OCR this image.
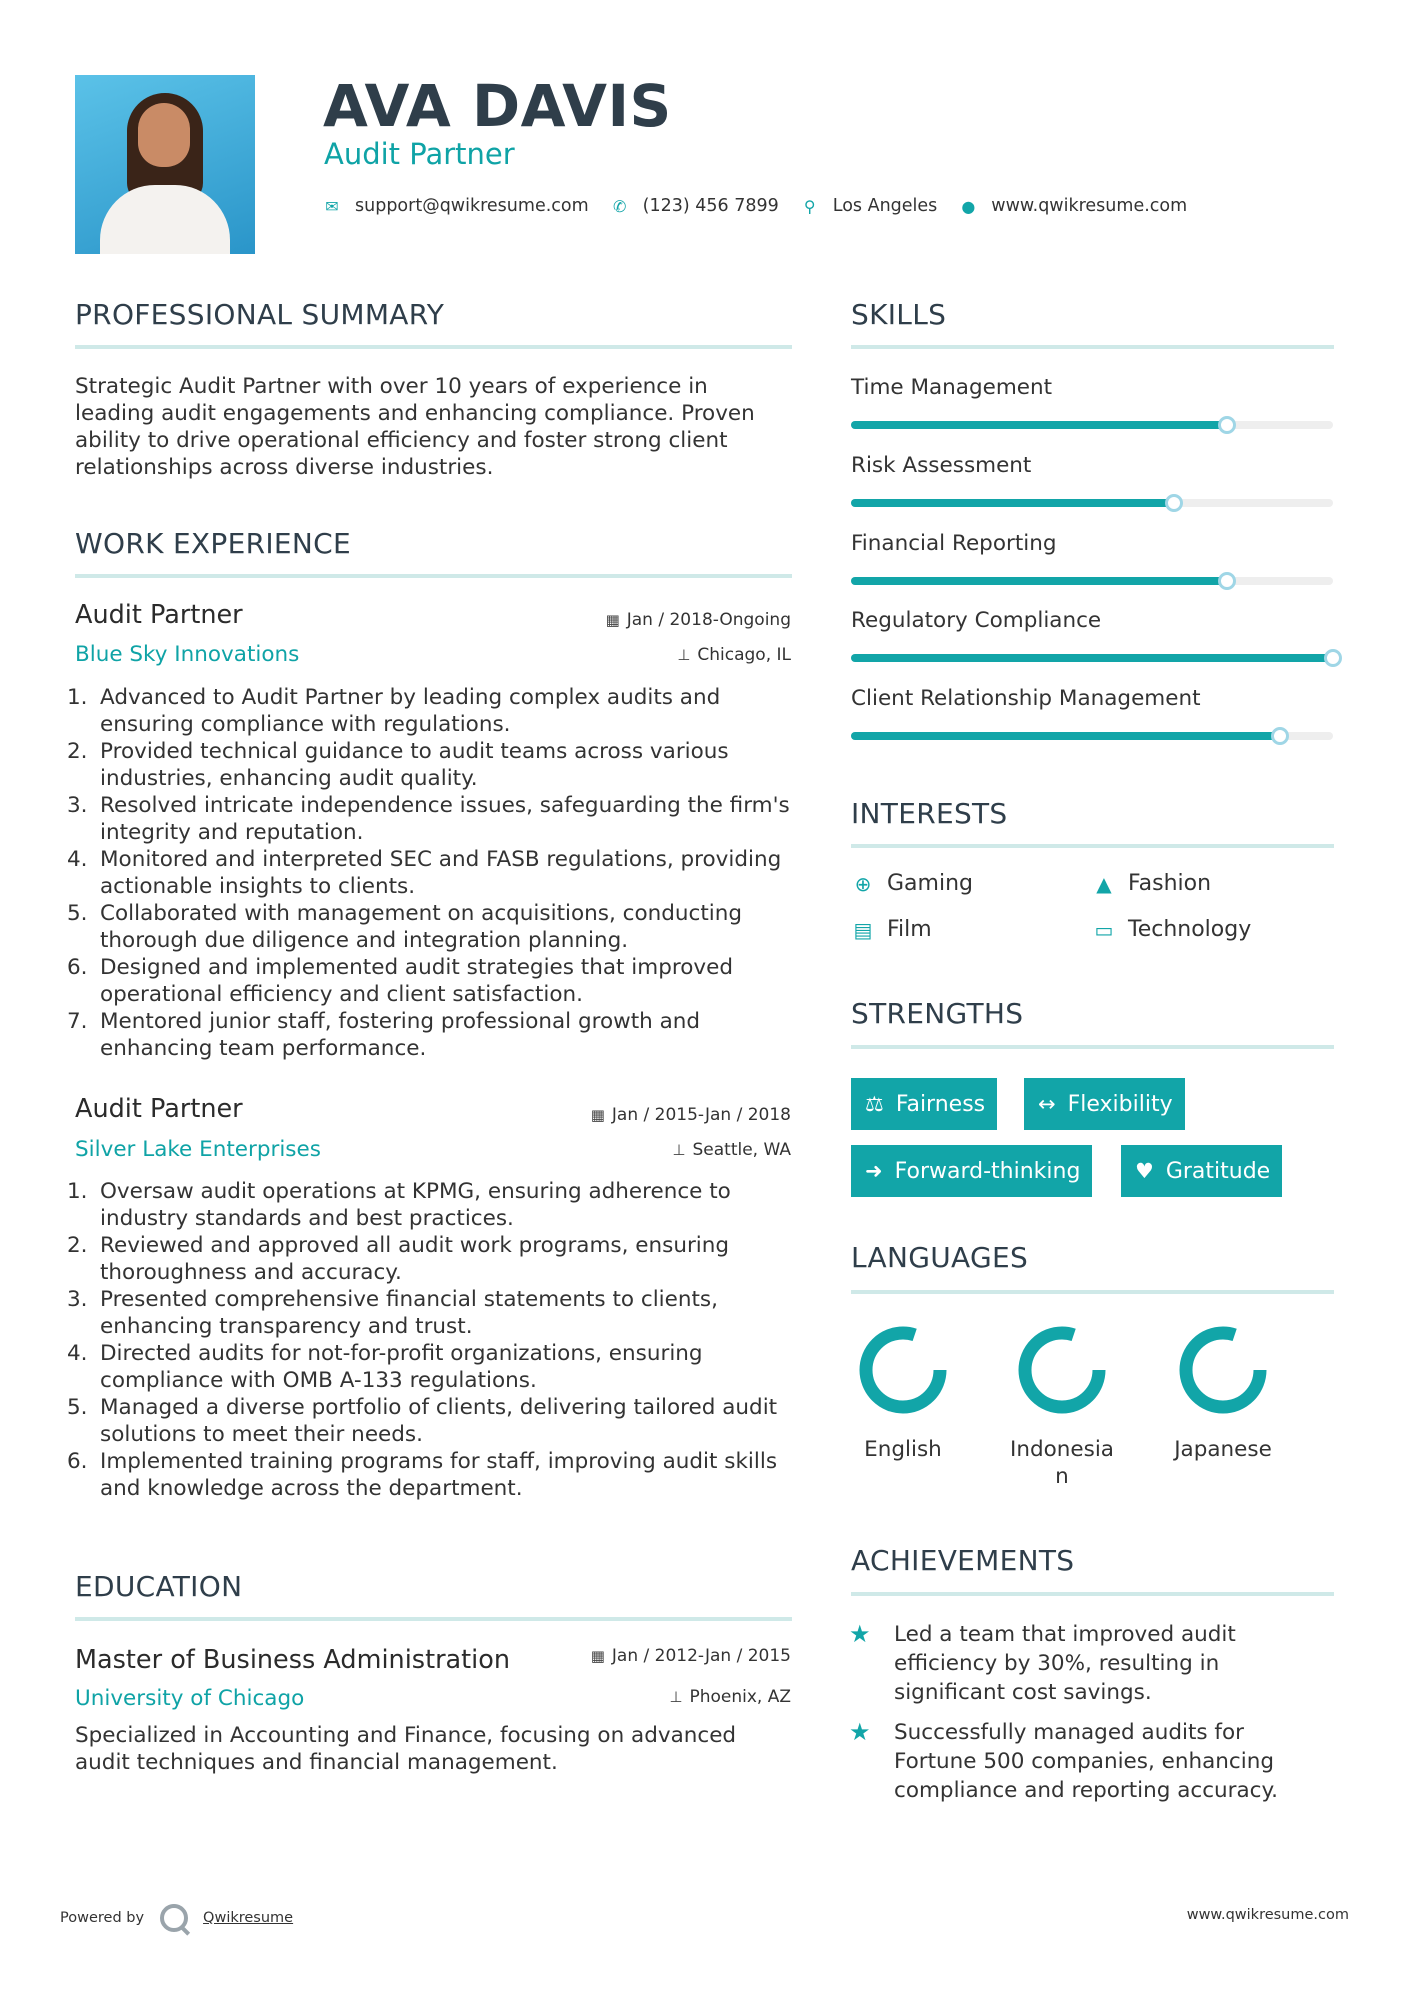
AVA DAVIS
Audit Partner
✉ support@qwikresume.com ✆ (123) 456 7899 ⚲ Los Angeles ● www.qwikresume.com
PROFESSIONAL SUMMARY
Strategic Audit Partner with over 10 years of experience in leading audit engagements and enhancing compliance. Proven ability to drive operational efficiency and foster strong client relationships across diverse industries.
WORK EXPERIENCE
Audit Partner	▦ Jan / 2018-Ongoing
Blue Sky Innovations	⊥ Chicago, IL
1. Advanced to Audit Partner by leading complex audits and ensuring compliance with regulations.
2. Provided technical guidance to audit teams across various industries, enhancing audit quality.
3. Resolved intricate independence issues, safeguarding the firm's integrity and reputation.
4. Monitored and interpreted SEC and FASB regulations, providing actionable insights to clients.
5. Collaborated with management on acquisitions, conducting thorough due diligence and integration planning.
6. Designed and implemented audit strategies that improved operational efficiency and client satisfaction.
7. Mentored junior staff, fostering professional growth and enhancing team performance.
Audit Partner	▦ Jan / 2015-Jan / 2018
Silver Lake Enterprises	⊥ Seattle, WA
1. Oversaw audit operations at KPMG, ensuring adherence to industry standards and best practices.
2. Reviewed and approved all audit work programs, ensuring thoroughness and accuracy.
3. Presented comprehensive financial statements to clients, enhancing transparency and trust.
4. Directed audits for not-for-profit organizations, ensuring compliance with OMB A-133 regulations.
5. Managed a diverse portfolio of clients, delivering tailored audit solutions to meet their needs.
6. Implemented training programs for staff, improving audit skills and knowledge across the department.
EDUCATION
Master of Business Administration	▦ Jan / 2012-Jan / 2015
University of Chicago	⊥ Phoenix, AZ
Specialized in Accounting and Finance, focusing on advanced audit techniques and financial management.
SKILLS
Time Management
Risk Assessment
Financial Reporting
Regulatory Compliance
Client Relationship Management
INTERESTS
⊕ Gaming	▲ Fashion
▤ Film	▭ Technology
STRENGTHS
⚖ Fairness	↔ Flexibility
➜ Forward-thinking	♥ Gratitude
LANGUAGES
English	Indonesia
n
Japanese

ACHIEVEMENTS
★	Led a team that improved audit efficiency by 30%, resulting in significant cost savings.
★	Successfully managed audits for Fortune 500 companies, enhancing compliance and reporting accuracy.
Powered by	Qwikresume	www.qwikresume.com
